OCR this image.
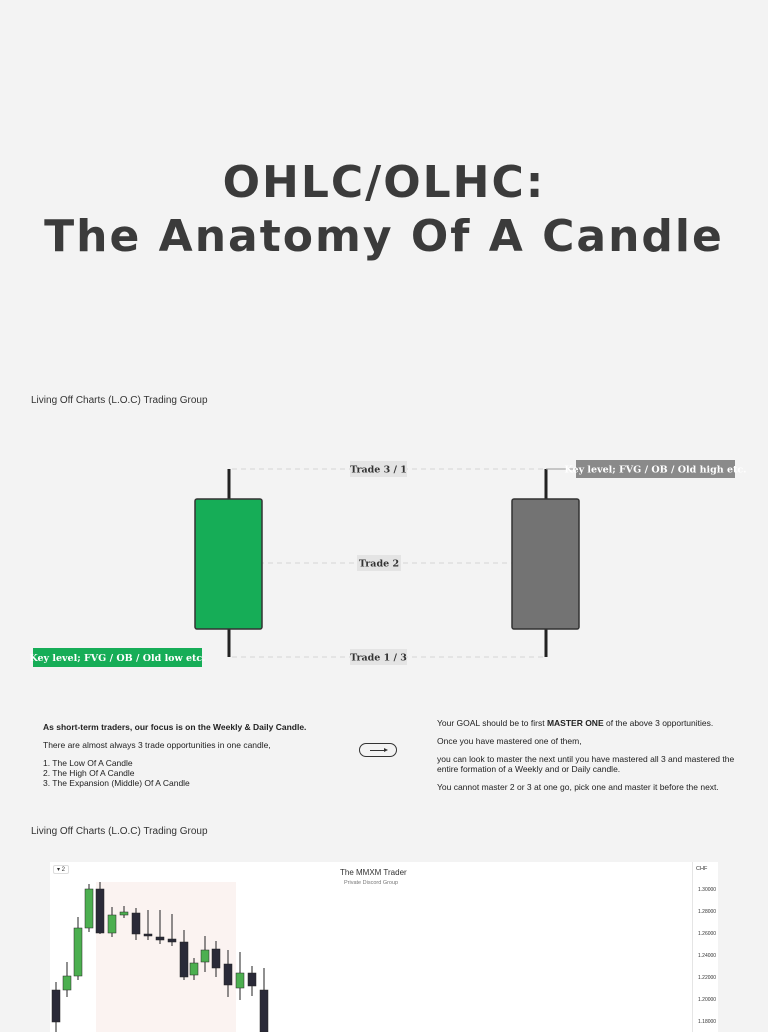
OHLC/OLHC:
The Anatomy Of A Candle
Living Off Charts (L.O.C) Trading Group
Trade 3 / 1
Trade 2
Trade 1 / 3
Key level; FVG / OB / Old low etc.
Key level; FVG / OB / Old high etc.

As short-term traders, our focus is on the Weekly & Daily Candle.

There are almost always 3 trade opportunities in one candle,

1. The Low Of A Candle
2. The High Of A Candle
3. The Expansion (Middle) Of A Candle

Your GOAL should be to first MASTER ONE of the above 3 opportunities.

Once you have mastered one of them,

you can look to master the next until you have mastered all 3 and mastered the entire formation of a Weekly and or Daily candle.

You cannot master 2 or 3 at one go, pick one and master it before the next.

Living Off Charts (L.O.C) Trading Group
▾ 2	The MMXM Trader
Private Discord Group
CHF
1.30000
1.28000
1.26000
1.24000
1.22000
1.20000
1.18000
